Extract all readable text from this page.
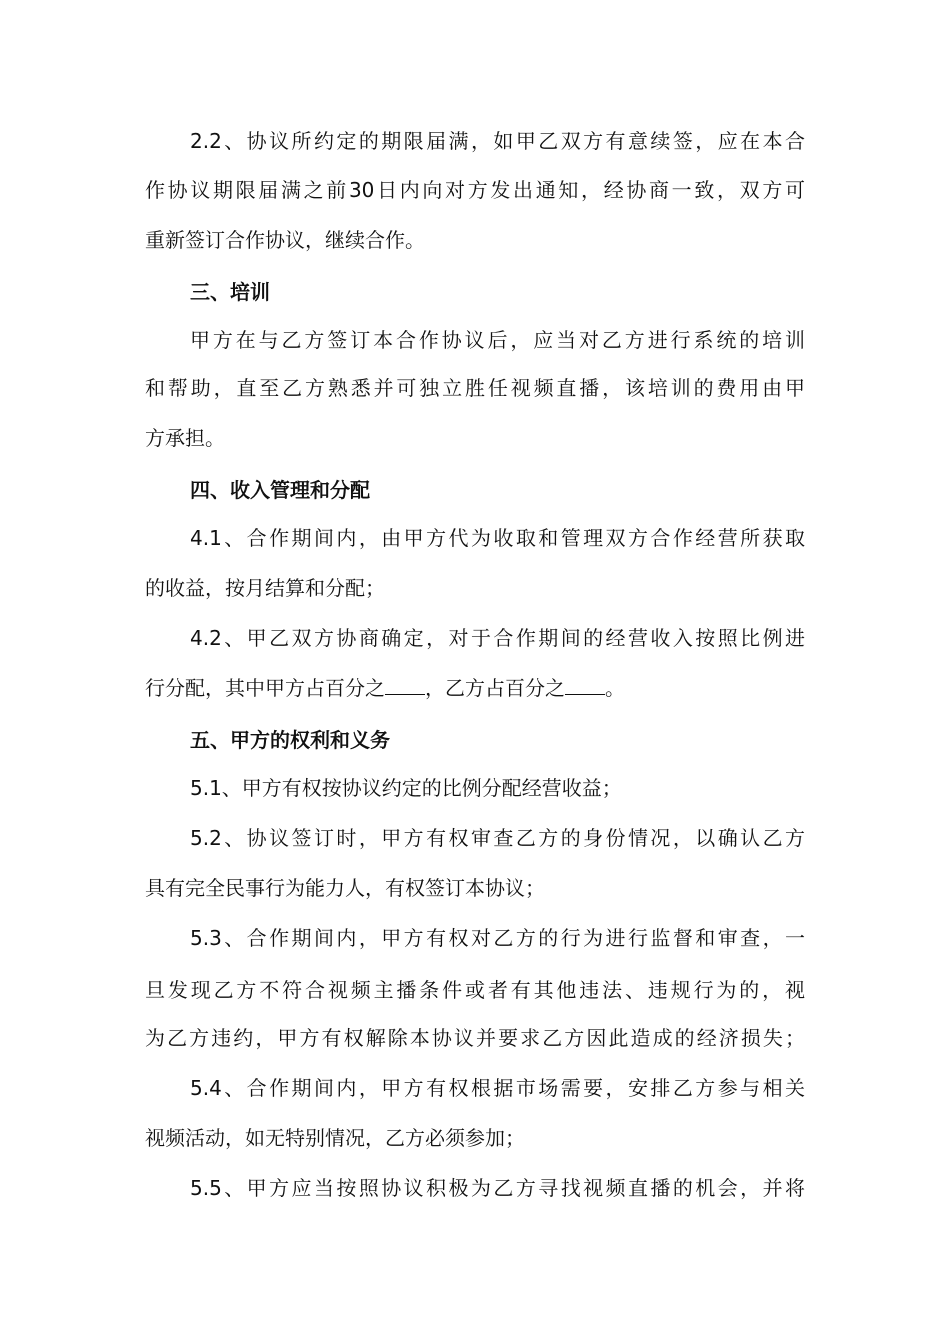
2.2、协议所约定的期限届满，如甲乙双方有意续签，应在本合
作协议期限届满之前30日内向对方发出通知，经协商一致，双方可
重新签订合作协议，继续合作。
三、培训
甲方在与乙方签订本合作协议后，应当对乙方进行系统的培训
和帮助，直至乙方熟悉并可独立胜任视频直播，该培训的费用由甲
方承担。
四、收入管理和分配
4.1、合作期间内，由甲方代为收取和管理双方合作经营所获取
的收益，按月结算和分配；
4.2、甲乙双方协商确定，对于合作期间的经营收入按照比例进
行分配，其中甲方占百分之 ，乙方占百分之 。
五、甲方的权利和义务
5.1、甲方有权按协议约定的比例分配经营收益；
5.2、协议签订时，甲方有权审查乙方的身份情况，以确认乙方
具有完全民事行为能力人，有权签订本协议；
5.3、合作期间内，甲方有权对乙方的行为进行监督和审查，一
旦发现乙方不符合视频主播条件或者有其他违法、违规行为的，视
为乙方违约，甲方有权解除本协议并要求乙方因此造成的经济损失；
5.4、合作期间内，甲方有权根据市场需要，安排乙方参与相关
视频活动，如无特别情况，乙方必须参加；
5.5、甲方应当按照协议积极为乙方寻找视频直播的机会，并将
